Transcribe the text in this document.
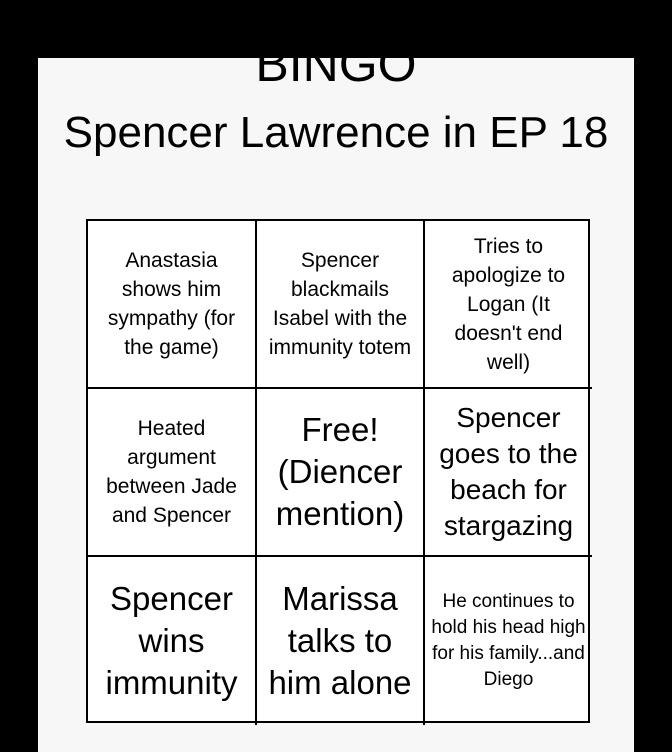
BINGO
Spencer Lawrence in EP 18
Anastasia shows him sympathy (for the game)
Spencer blackmails Isabel with the immunity totem
Tries to apologize to Logan (It doesn't end well)
Heated argument between Jade and Spencer
Free! (Diencer mention)
Spencer goes to the beach for stargazing
Spencer wins immunity
Marissa talks to him alone
He continues to hold his head high for his family...and Diego
